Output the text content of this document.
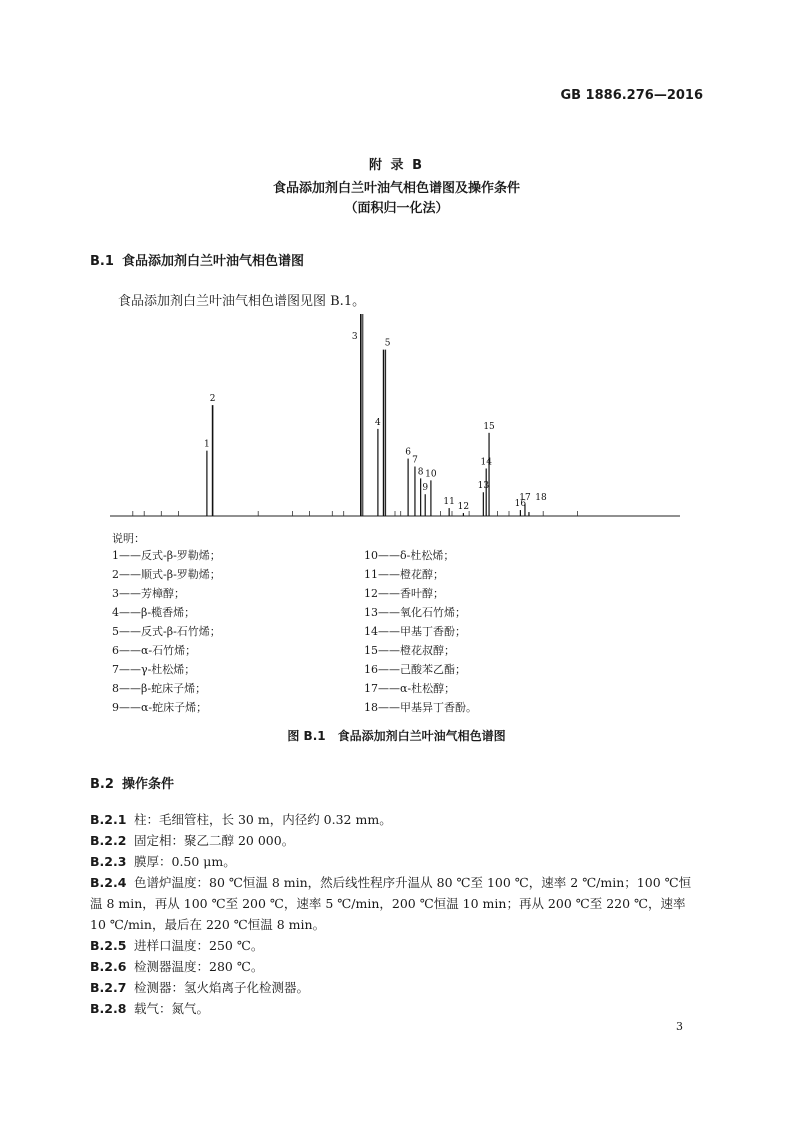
GB 1886.276—2016
附 录 B
食品添加剂白兰叶油气相色谱图及操作条件
（面积归一化法）
B.1 食品添加剂白兰叶油气相色谱图
食品添加剂白兰叶油气相色谱图见图 B.1。
1
2
3
4
5
6
7
8
9
10
11 12
13
14
15
16
17 18
说明：
1——反式-β-罗勒烯；
2——顺式-β-罗勒烯；
3——芳樟醇；
4——β-榄香烯；
5——反式-β-石竹烯；
6——α-石竹烯；
7——γ-杜松烯；
8——β-蛇床子烯；
9——α-蛇床子烯；
10——δ-杜松烯；
11——橙花醇；
12——香叶醇；
13——氧化石竹烯；
14——甲基丁香酚；
15——橙花叔醇；
16——己酸苯乙酯；
17——α-杜松醇；
18——甲基异丁香酚。
图 B.1　食品添加剂白兰叶油气相色谱图
B.2 操作条件
B.2.1 柱：毛细管柱，长 30 m，内径约 0.32 mm。
B.2.2 固定相：聚乙二醇 20 000。
B.2.3 膜厚：0.50 μm。
B.2.4 色谱炉温度：80 ℃恒温 8 min，然后线性程序升温从 80 ℃至 100 ℃，速率 2 ℃/min；100 ℃恒温 8 min，再从 100 ℃至 200 ℃，速率 5 ℃/min，200 ℃恒温 10 min；再从 200 ℃至 220 ℃，速率 10 ℃/min，最后在 220 ℃恒温 8 min。
B.2.5 进样口温度：250 ℃。
B.2.6 检测器温度：280 ℃。
B.2.7 检测器：氢火焰离子化检测器。
B.2.8 载气：氮气。
3
